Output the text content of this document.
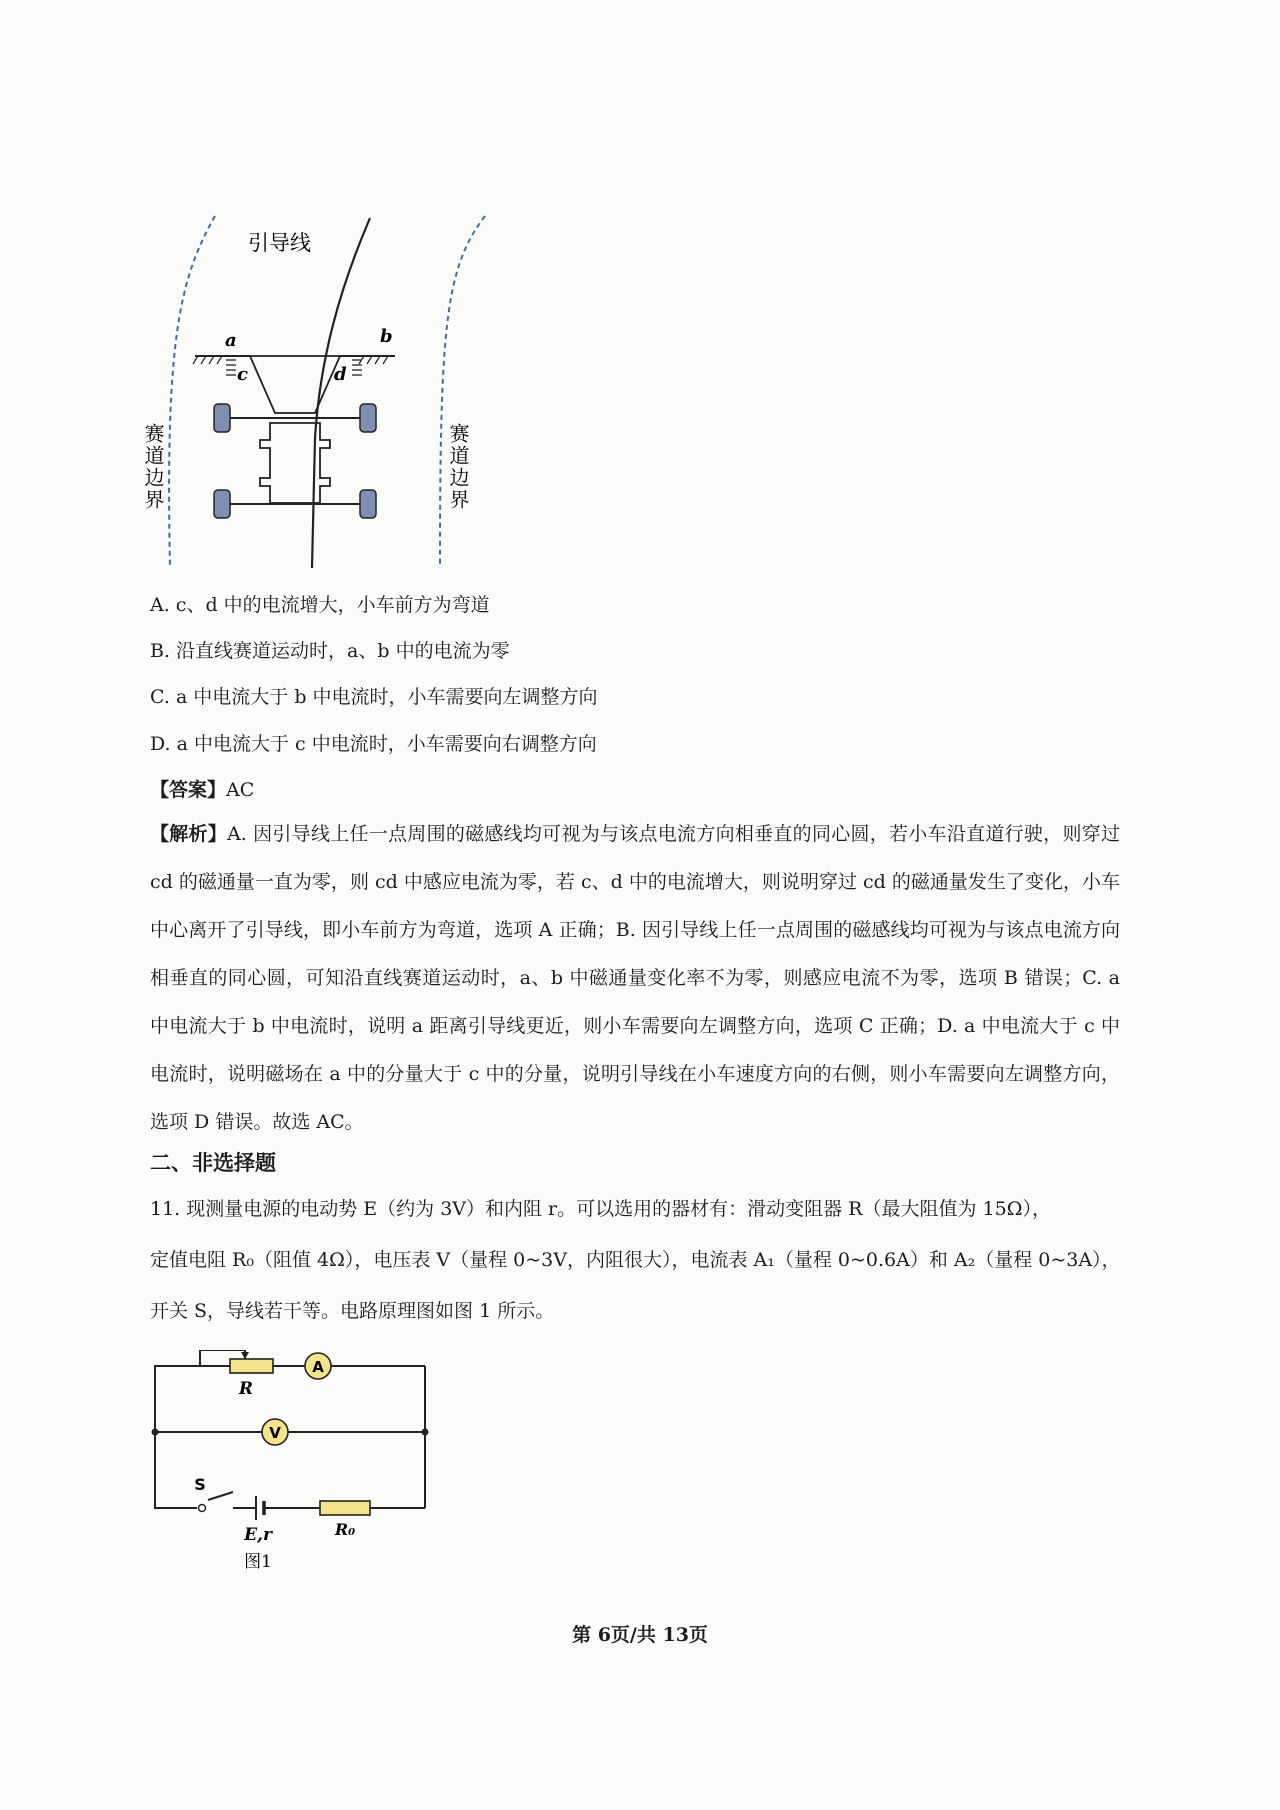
引导线
a	b
c	d
赛道边界	赛道边界
A. c、d 中的电流增大，小车前方为弯道
B. 沿直线赛道运动时，a、b 中的电流为零
C. a 中电流大于 b 中电流时，小车需要向左调整方向
D. a 中电流大于 c 中电流时，小车需要向右调整方向
【答案】AC
【解析】A. 因引导线上任一点周围的磁感线均可视为与该点电流方向相垂直的同心圆，若小车沿直道行驶，则穿过 cd 的磁通量一直为零，则 cd 中感应电流为零，若 c、d 中的电流增大，则说明穿过 cd 的磁通量发生了变化，小车中心离开了引导线，即小车前方为弯道，选项 A 正确；B. 因引导线上任一点周围的磁感线均可视为与该点电流方向相垂直的同心圆，可知沿直线赛道运动时，a、b 中磁通量变化率不为零，则感应电流不为零，选项 B 错误；C. a 中电流大于 b 中电流时，说明 a 距离引导线更近，则小车需要向左调整方向，选项 C 正确；D. a 中电流大于 c 中电流时，说明磁场在 a 中的分量大于 c 中的分量，说明引导线在小车速度方向的右侧，则小车需要向左调整方向，选项 D 错误。故选 AC。
二、非选择题
11. 现测量电源的电动势 E（约为 3V）和内阻 r。可以选用的器材有：滑动变阻器 R（最大阻值为 15Ω），
定值电阻 R₀（阻值 4Ω），电压表 V（量程 0~3V，内阻很大），电流表 A₁（量程 0~0.6A）和 A₂（量程 0~3A），
开关 S，导线若干等。电路原理图如图 1 所示。
R
A
V
S
E,r	R₀
图1
第 6页/共 13页
